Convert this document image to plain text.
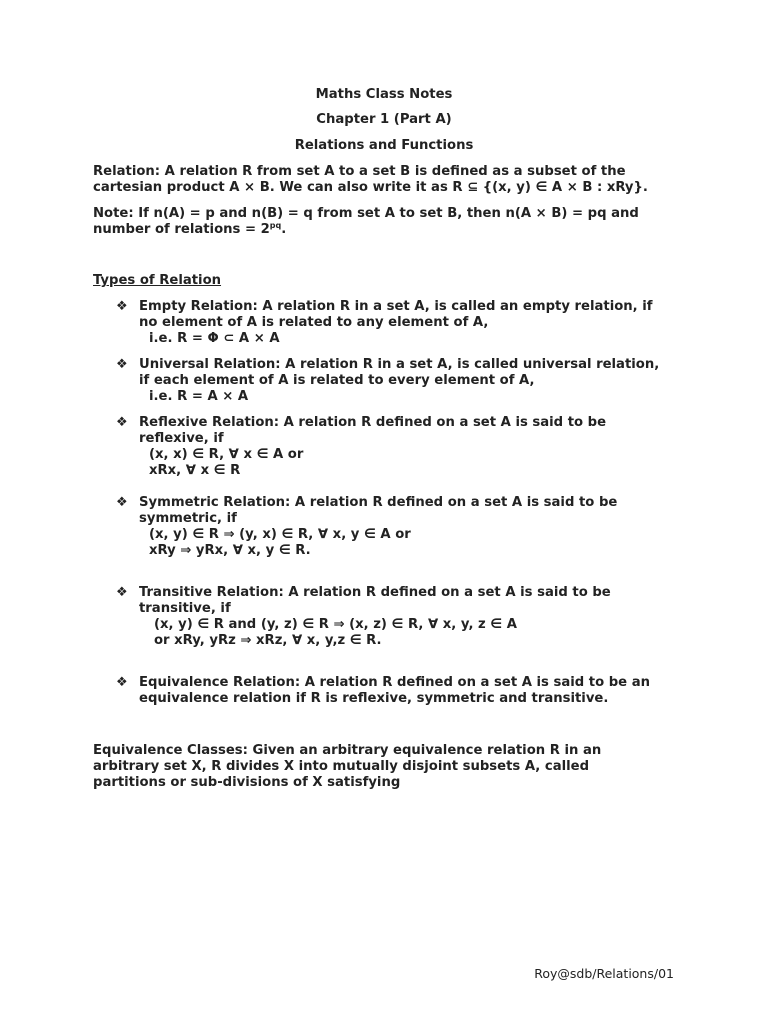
Maths Class Notes
Chapter 1 (Part A)
Relations and Functions
Relation: A relation R from set A to a set B is defined as a subset of the
cartesian product A × B. We can also write it as R ⊆ {(x, y) ∈ A × B : xRy}.
Note: If n(A) = p and n(B) = q from set A to set B, then n(A × B) = pq and
number of relations = $2^{pq}$.
Types of Relation
❖ Empty Relation: A relation R in a set A, is called an empty relation, if
no element of A is related to any element of A,
i.e. R = Φ ⊂ A × A
❖ Universal Relation: A relation R in a set A, is called universal relation,
if each element of A is related to every element of A,
i.e. R = A × A
❖ Reflexive Relation: A relation R defined on a set A is said to be
reflexive, if
(x, x) ∈ R, ∀ x ∈ A or
xRx, ∀ x ∈ R
❖ Symmetric Relation: A relation R defined on a set A is said to be
symmetric, if
(x, y) ∈ R ⇒ (y, x) ∈ R, ∀ x, y ∈ A or
xRy ⇒ yRx, ∀ x, y ∈ R.
❖ Transitive Relation: A relation R defined on a set A is said to be
transitive, if
(x, y) ∈ R and (y, z) ∈ R ⇒ (x, z) ∈ R, ∀ x, y, z ∈ A
or xRy, yRz ⇒ xRz, ∀ x, y,z ∈ R.
❖ Equivalence Relation: A relation R defined on a set A is said to be an
equivalence relation if R is reflexive, symmetric and transitive.
Equivalence Classes: Given an arbitrary equivalence relation R in an
arbitrary set X, R divides X into mutually disjoint subsets A, called
partitions or sub-divisions of X satisfying
Roy@sdb/Relations/01
